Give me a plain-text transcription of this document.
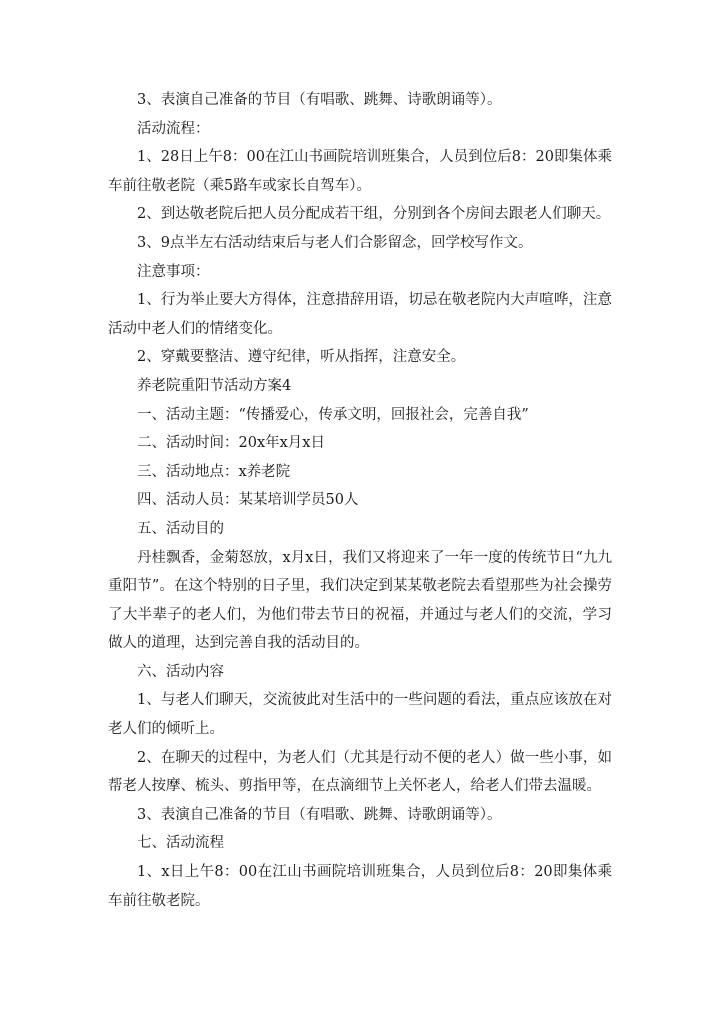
3、表演自己准备的节目（有唱歌、跳舞、诗歌朗诵等）。

活动流程：

1、28日上午8：00在江山书画院培训班集合，人员到位后8：20即集体乘车前往敬老院（乘5路车或家长自驾车）。

2、到达敬老院后把人员分配成若干组，分别到各个房间去跟老人们聊天。

3、9点半左右活动结束后与老人们合影留念，回学校写作文。

注意事项：

1、行为举止要大方得体，注意措辞用语，切忌在敬老院内大声喧哗，注意活动中老人们的情绪变化。

2、穿戴要整洁、遵守纪律，听从指挥，注意安全。

养老院重阳节活动方案4

一、活动主题：“传播爱心，传承文明，回报社会，完善自我”

二、活动时间：20x年x月x日

三、活动地点：x养老院

四、活动人员：某某培训学员50人

五、活动目的

丹桂飘香，金菊怒放，x月x日，我们又将迎来了一年一度的传统节日“九九重阳节”。在这个特别的日子里，我们决定到某某敬老院去看望那些为社会操劳了大半辈子的老人们，为他们带去节日的祝福，并通过与老人们的交流，学习做人的道理，达到完善自我的活动目的。

六、活动内容

1、与老人们聊天，交流彼此对生活中的一些问题的看法，重点应该放在对老人们的倾听上。

2、在聊天的过程中，为老人们（尤其是行动不便的老人）做一些小事，如帮老人按摩、梳头、剪指甲等，在点滴细节上关怀老人，给老人们带去温暖。

3、表演自己准备的节目（有唱歌、跳舞、诗歌朗诵等）。

七、活动流程

1、x日上午8：00在江山书画院培训班集合，人员到位后8：20即集体乘车前往敬老院。
